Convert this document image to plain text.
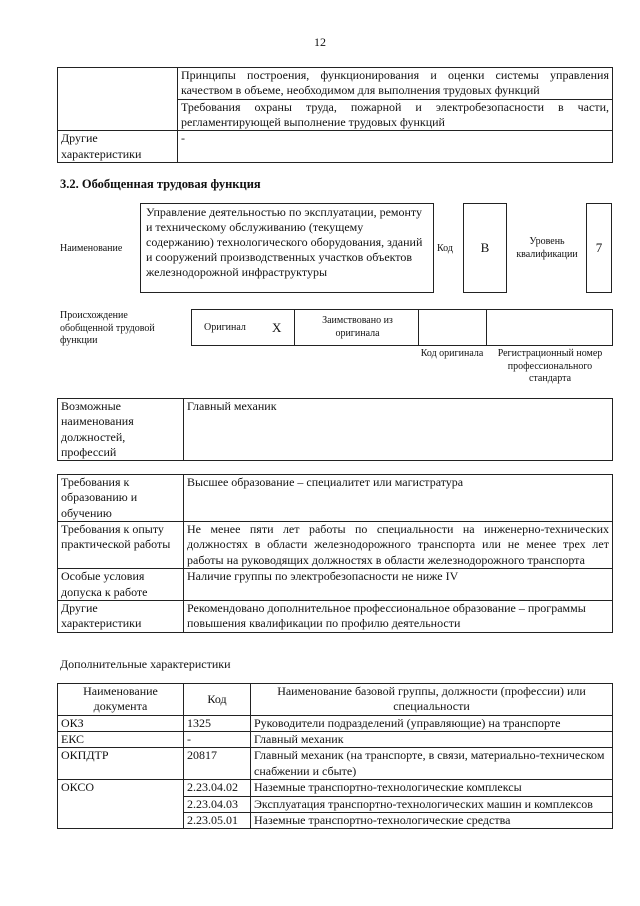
12
	Принципы построения, функционирования и оценки системы управления качеством в объеме, необходимом для выполнения трудовых функций
	Требования охраны труда, пожарной и электробезопасности в части, регламентирующей выполнение трудовых функций
Другие характеристики	-
3.2. Обобщенная трудовая функция
Наименование
Управление деятельностью по эксплуатации, ремонту и техническому обслуживанию (текущему содержанию) технологического оборудования, зданий и сооружений производственных участков объектов железнодорожной инфраструктуры
Код	B	Уровень квалификации	7
Происхождение обобщенной трудовой функции
Оригинал X	Заимствовано из оригинала
Код оригинала	Регистрационный номер профессионального стандарта
Возможные наименования должностей, профессий	Главный механик
Требования к образованию и обучению	Высшее образование – специалитет или магистратура
Требования к опыту практической работы	Не менее пяти лет работы по специальности на инженерно-технических должностях в области железнодорожного транспорта или не менее трех лет работы на руководящих должностях в области железнодорожного транспорта
Особые условия допуска к работе	Наличие группы по электробезопасности не ниже IV
Другие характеристики	Рекомендовано дополнительное профессиональное образование – программы повышения квалификации по профилю деятельности
Дополнительные характеристики
Наименование документа	Код	Наименование базовой группы, должности (профессии) или специальности
ОКЗ	1325	Руководители подразделений (управляющие) на транспорте
ЕКС	-	Главный механик
ОКПДТР	20817	Главный механик (на транспорте, в связи, материально-техническом снабжении и сбыте)
ОКСО	2.23.04.02	Наземные транспортно-технологические комплексы
	2.23.04.03	Эксплуатация транспортно-технологических машин и комплексов
	2.23.05.01	Наземные транспортно-технологические средства
